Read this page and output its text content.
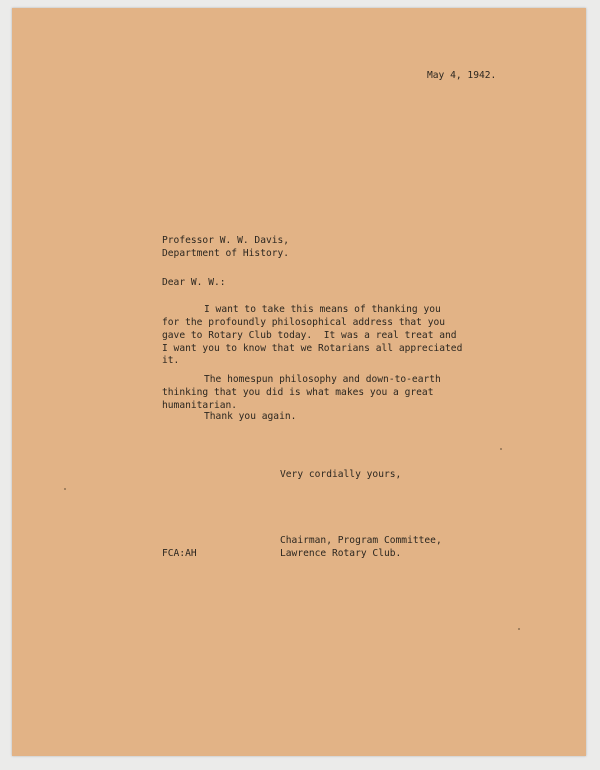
May 4, 1942.
Professor W. W. Davis,
Department of History.
Dear W. W.:
I want to take this means of thanking you
for the profoundly philosophical address that you
gave to Rotary Club today.  It was a real treat and
I want you to know that we Rotarians all appreciated
it.
The homespun philosophy and down-to-earth
thinking that you did is what makes you a great
humanitarian.
Thank you again.
Very cordially yours,
Chairman, Program Committee,
Lawrence Rotary Club.
FCA:AH
